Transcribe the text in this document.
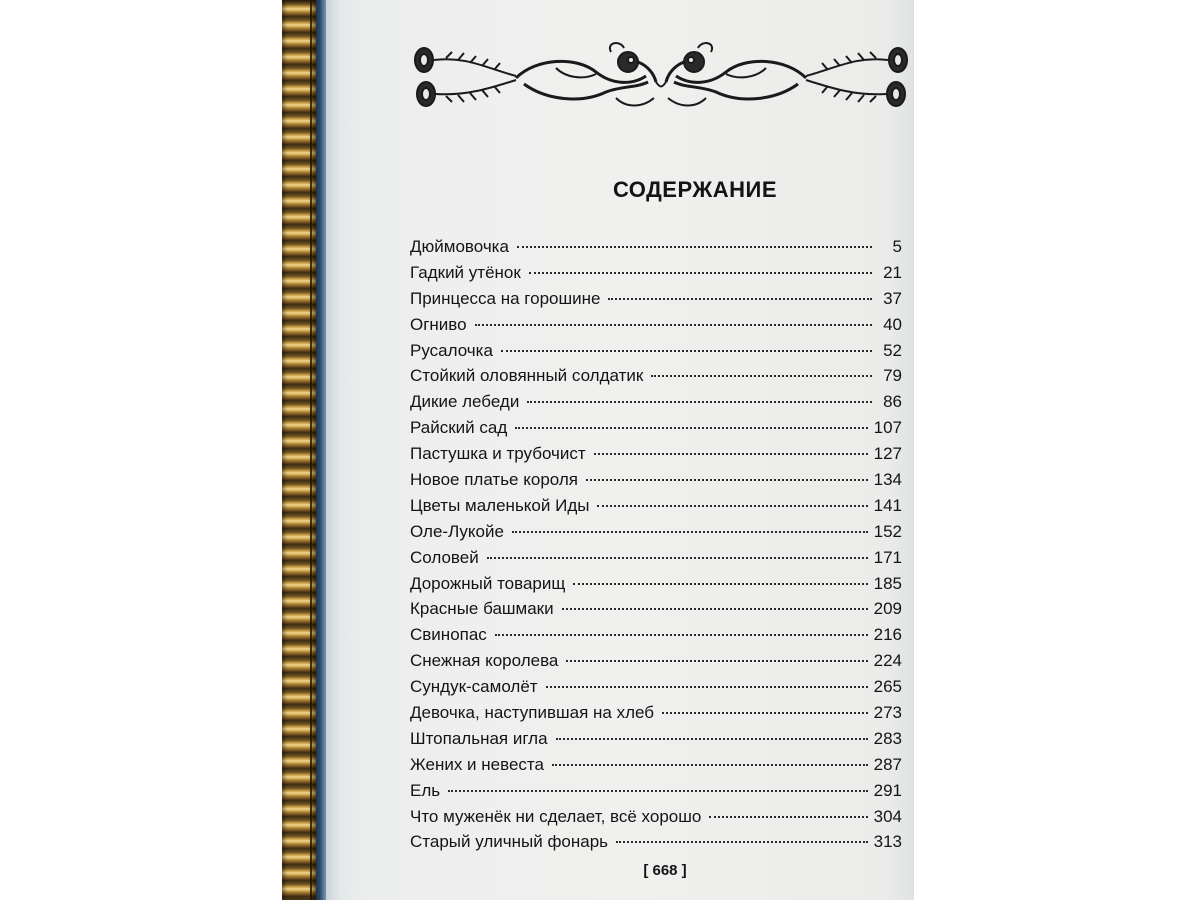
СОДЕРЖАНИЕ
Дюймовочка	5
Гадкий утёнок	21
Принцесса на горошине	37
Огниво	40
Русалочка	52
Стойкий оловянный солдатик	79
Дикие лебеди	86
Райский сад	107
Пастушка и трубочист	127
Новое платье короля	134
Цветы маленькой Иды	141
Оле-Лукойе	152
Соловей	171
Дорожный товарищ	185
Красные башмаки	209
Свинопас	216
Снежная королева	224
Сундук-самолёт	265
Девочка, наступившая на хлеб	273
Штопальная игла	283
Жених и невеста	287
Ель	291
Что муженёк ни сделает, всё хорошо	304
Старый уличный фонарь	313
[ 668 ]
